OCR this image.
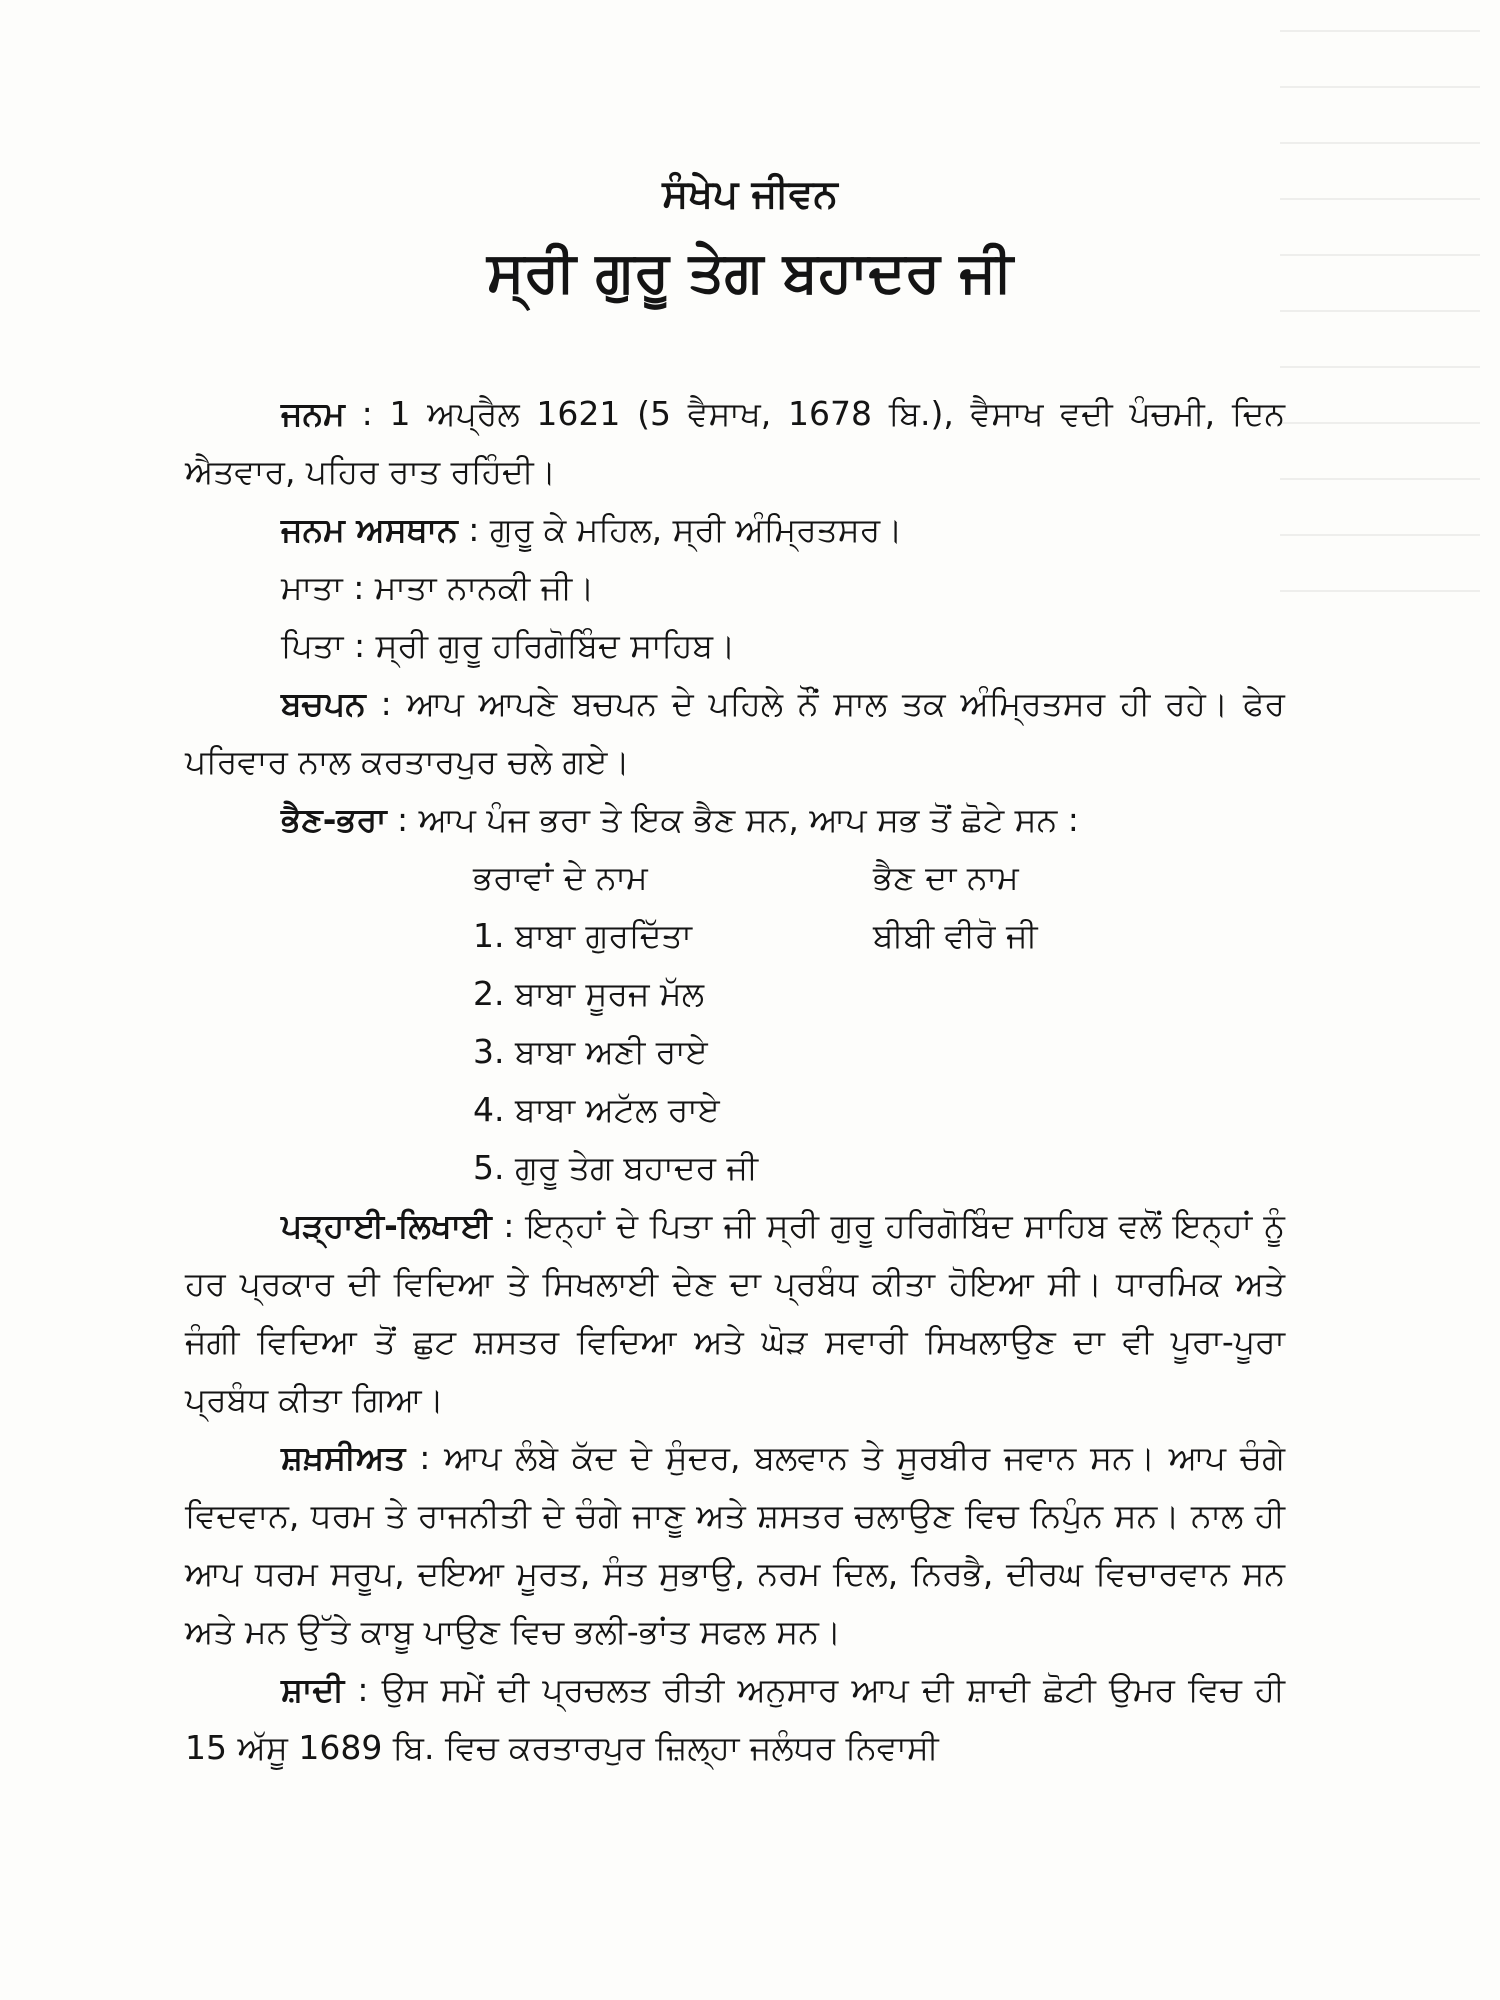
ਸੰਖੇਪ ਜੀਵਨ
ਸ੍ਰੀ ਗੁਰੂ ਤੇਗ ਬਹਾਦਰ ਜੀ

ਜਨਮ : 1 ਅਪ੍ਰੈਲ 1621 (5 ਵੈਸਾਖ, 1678 ਬਿ.), ਵੈਸਾਖ ਵਦੀ ਪੰਚਮੀ, ਦਿਨ ਐਤਵਾਰ, ਪਹਿਰ ਰਾਤ ਰਹਿੰਦੀ।

ਜਨਮ ਅਸਥਾਨ : ਗੁਰੂ ਕੇ ਮਹਿਲ, ਸ੍ਰੀ ਅੰਮ੍ਰਿਤਸਰ।

ਮਾਤਾ : ਮਾਤਾ ਨਾਨਕੀ ਜੀ।

ਪਿਤਾ : ਸ੍ਰੀ ਗੁਰੂ ਹਰਿਗੋਬਿੰਦ ਸਾਹਿਬ।

ਬਚਪਨ : ਆਪ ਆਪਣੇ ਬਚਪਨ ਦੇ ਪਹਿਲੇ ਨੌਂ ਸਾਲ ਤਕ ਅੰਮ੍ਰਿਤਸਰ ਹੀ ਰਹੇ। ਫੇਰ ਪਰਿਵਾਰ ਨਾਲ ਕਰਤਾਰਪੁਰ ਚਲੇ ਗਏ।

ਭੈਣ-ਭਰਾ : ਆਪ ਪੰਜ ਭਰਾ ਤੇ ਇਕ ਭੈਣ ਸਨ, ਆਪ ਸਭ ਤੋਂ ਛੋਟੇ ਸਨ :

ਭਰਾਵਾਂ ਦੇ ਨਾਮ	ਭੈਣ ਦਾ ਨਾਮ
1. ਬਾਬਾ ਗੁਰਦਿੱਤਾ	ਬੀਬੀ ਵੀਰੋ ਜੀ
2. ਬਾਬਾ ਸੂਰਜ ਮੱਲ
3. ਬਾਬਾ ਅਣੀ ਰਾਏ
4. ਬਾਬਾ ਅਟੱਲ ਰਾਏ
5. ਗੁਰੂ ਤੇਗ ਬਹਾਦਰ ਜੀ

ਪੜ੍ਹਾਈ-ਲਿਖਾਈ : ਇਨ੍ਹਾਂ ਦੇ ਪਿਤਾ ਜੀ ਸ੍ਰੀ ਗੁਰੂ ਹਰਿਗੋਬਿੰਦ ਸਾਹਿਬ ਵਲੋਂ ਇਨ੍ਹਾਂ ਨੂੰ ਹਰ ਪ੍ਰਕਾਰ ਦੀ ਵਿਦਿਆ ਤੇ ਸਿਖਲਾਈ ਦੇਣ ਦਾ ਪ੍ਰਬੰਧ ਕੀਤਾ ਹੋਇਆ ਸੀ। ਧਾਰਮਿਕ ਅਤੇ ਜੰਗੀ ਵਿਦਿਆ ਤੋਂ ਛੁਟ ਸ਼ਸਤਰ ਵਿਦਿਆ ਅਤੇ ਘੋੜ ਸਵਾਰੀ ਸਿਖਲਾਉਣ ਦਾ ਵੀ ਪੂਰਾ-ਪੂਰਾ ਪ੍ਰਬੰਧ ਕੀਤਾ ਗਿਆ।

ਸ਼ਖ਼ਸੀਅਤ : ਆਪ ਲੰਬੇ ਕੱਦ ਦੇ ਸੁੰਦਰ, ਬਲਵਾਨ ਤੇ ਸੂਰਬੀਰ ਜਵਾਨ ਸਨ। ਆਪ ਚੰਗੇ ਵਿਦਵਾਨ, ਧਰਮ ਤੇ ਰਾਜਨੀਤੀ ਦੇ ਚੰਗੇ ਜਾਣੂ ਅਤੇ ਸ਼ਸਤਰ ਚਲਾਉਣ ਵਿਚ ਨਿਪੁੰਨ ਸਨ। ਨਾਲ ਹੀ ਆਪ ਧਰਮ ਸਰੂਪ, ਦਇਆ ਮੂਰਤ, ਸੰਤ ਸੁਭਾਉ, ਨਰਮ ਦਿਲ, ਨਿਰਭੈ, ਦੀਰਘ ਵਿਚਾਰਵਾਨ ਸਨ ਅਤੇ ਮਨ ਉੱਤੇ ਕਾਬੂ ਪਾਉਣ ਵਿਚ ਭਲੀ-ਭਾਂਤ ਸਫਲ ਸਨ।

ਸ਼ਾਦੀ : ਉਸ ਸਮੇਂ ਦੀ ਪ੍ਰਚਲਤ ਰੀਤੀ ਅਨੁਸਾਰ ਆਪ ਦੀ ਸ਼ਾਦੀ ਛੋਟੀ ਉਮਰ ਵਿਚ ਹੀ 15 ਅੱਸੂ 1689 ਬਿ. ਵਿਚ ਕਰਤਾਰਪੁਰ ਜ਼ਿਲ੍ਹਾ ਜਲੰਧਰ ਨਿਵਾਸੀ
